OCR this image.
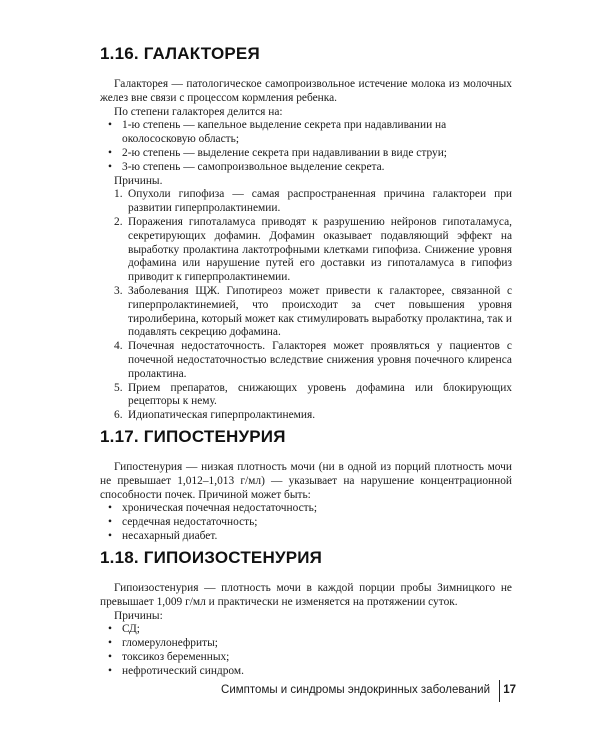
1.16. ГАЛАКТОРЕЯ

Галакторея — патологическое самопроизвольное истечение молока из молочных желез вне связи с процессом кормления ребенка.

По степени галакторея делится на:

• 1-ю степень — капельное выделение секрета при надавливании на околососковую область;
• 2-ю степень — выделение секрета при надавливании в виде струи;
• 3-ю степень — самопроизвольное выделение секрета.

Причины.

1. Опухоли гипофиза — самая распространенная причина галактореи при развитии гиперпролактинемии.
2. Поражения гипоталамуса приводят к разрушению нейронов гипоталамуса, секретирующих дофамин. Дофамин оказывает подавляющий эффект на выработку пролактина лактотрофными клетками гипофиза. Снижение уровня дофамина или нарушение путей его доставки из гипоталамуса в гипофиз приводит к гиперпролактинемии.
3. Заболевания ЩЖ. Гипотиреоз может привести к галакторее, связанной с гиперпролактинемией, что происходит за счет повышения уровня тиролиберина, который может как стимулировать выработку пролактина, так и подавлять секрецию дофамина.
4. Почечная недостаточность. Галакторея может проявляться у пациентов с почечной недостаточностью вследствие снижения уровня почечного клиренса пролактина.
5. Прием препаратов, снижающих уровень дофамина или блокирующих рецепторы к нему.
6. Идиопатическая гиперпролактинемия.
1.17. ГИПОСТЕНУРИЯ

Гипостенурия — низкая плотность мочи (ни в одной из порций плотность мочи не превышает 1,012–1,013 г/мл) — указывает на нарушение концентрационной способности почек. Причиной может быть:

• хроническая почечная недостаточность;
• сердечная недостаточность;
• несахарный диабет.
1.18. ГИПОИЗОСТЕНУРИЯ

Гипоизостенурия — плотность мочи в каждой порции пробы Зимницкого не превышает 1,009 г/мл и практически не изменяется на протяжении суток.

Причины:

• СД;
• гломерулонефриты;
• токсикоз беременных;
• нефротический синдром.
Симптомы и синдромы эндокринных заболеваний 17
